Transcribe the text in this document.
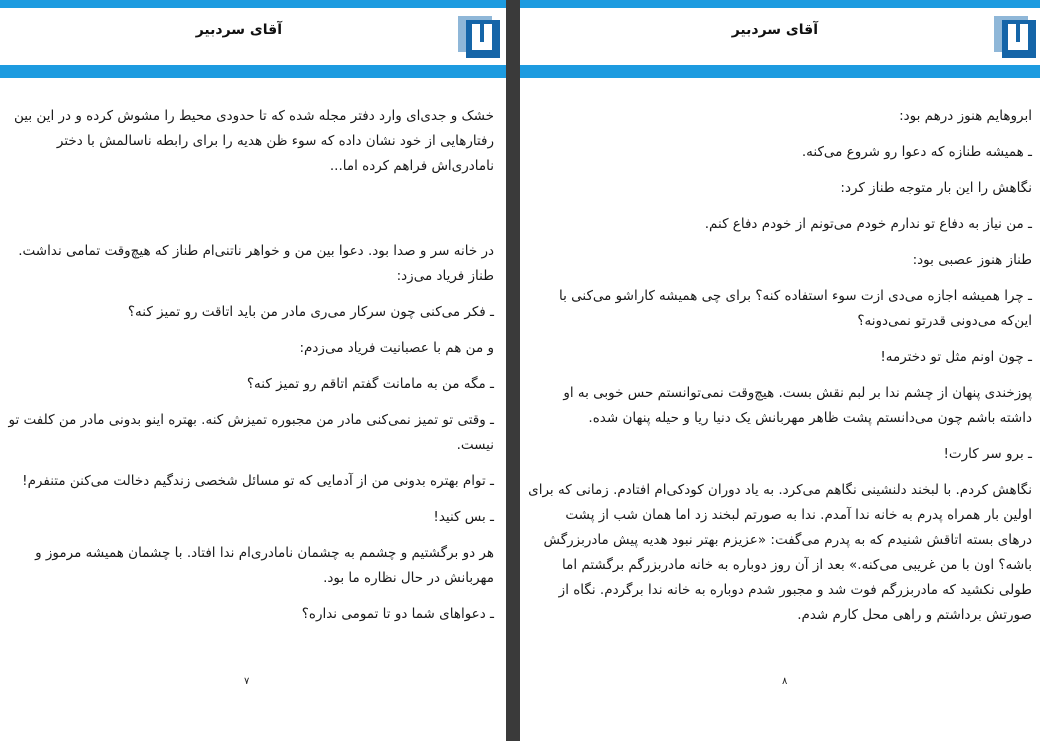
آقای سردبیر

خشک و جدی‌ای وارد دفتر مجله شده که تا حدودی محیط را مشوش کرده و در این بین رفتارهایی از خود نشان داده که سوء ظن هدیه را برای رابطه ناسالمش با دختر نامادری‌اش فراهم کرده اما...

در خانه سر و صدا بود. دعوا بین من و خواهر ناتنی‌ام طناز که هیچ‌وقت تمامی نداشت. طناز فریاد می‌زد:

ـ فکر می‌کنی چون سرکار می‌ری مادر من باید اتاقت رو تمیز کنه؟

و من هم با عصبانیت فریاد می‌زدم:

ـ مگه من به مامانت گفتم اتاقم رو تمیز کنه؟

ـ وقتی تو تمیز نمی‌کنی مادر من مجبوره تمیزش کنه. بهتره اینو بدونی مادر من کلفت تو نیست.

ـ توام بهتره بدونی من از آدمایی که تو مسائل شخصی زندگیم دخالت می‌کنن متنفرم!

ـ بس کنید!

هر دو برگشتیم و چشمم به چشمان نامادری‌ام ندا افتاد. با چشمان همیشه مرموز و مهربانش در حال نظاره ما بود.

ـ دعواهای شما دو تا تمومی نداره؟

۷
آقای سردبیر

ابروهایم هنوز درهم بود:

ـ همیشه طنازه که دعوا رو شروع می‌کنه.

نگاهش را این بار متوجه طناز کرد:

ـ من نیاز به دفاع تو ندارم خودم می‌تونم از خودم دفاع کنم.

طناز هنوز عصبی بود:

ـ چرا همیشه اجازه می‌دی ازت سوء استفاده کنه؟ برای چی همیشه کاراشو می‌کنی با این‌که می‌دونی قدرتو نمی‌دونه؟

ـ چون اونم مثل تو دخترمه!

پوزخندی پنهان از چشم ندا بر لبم نقش بست. هیچ‌وقت نمی‌توانستم حس خوبی به او داشته باشم چون می‌دانستم پشت ظاهر مهربانش یک دنیا ریا و حیله پنهان شده.

ـ برو سر کارت!

نگاهش کردم. با لبخند دلنشینی نگاهم می‌کرد. به یاد دوران کودکی‌ام افتادم. زمانی که برای اولین بار همراه پدرم به خانه ندا آمدم. ندا به صورتم لبخند زد اما همان شب از پشت درهای بسته اتاقش شنیدم که به پدرم می‌گفت: «عزیزم بهتر نبود هدیه پیش مادربزرگش باشه؟ اون با من غریبی می‌کنه.» بعد از آن روز دوباره به خانه مادربزرگم برگشتم اما طولی نکشید که مادربزرگم فوت شد و مجبور شدم دوباره به خانه ندا برگردم. نگاه از صورتش برداشتم و راهی محل کارم شدم.

۸
